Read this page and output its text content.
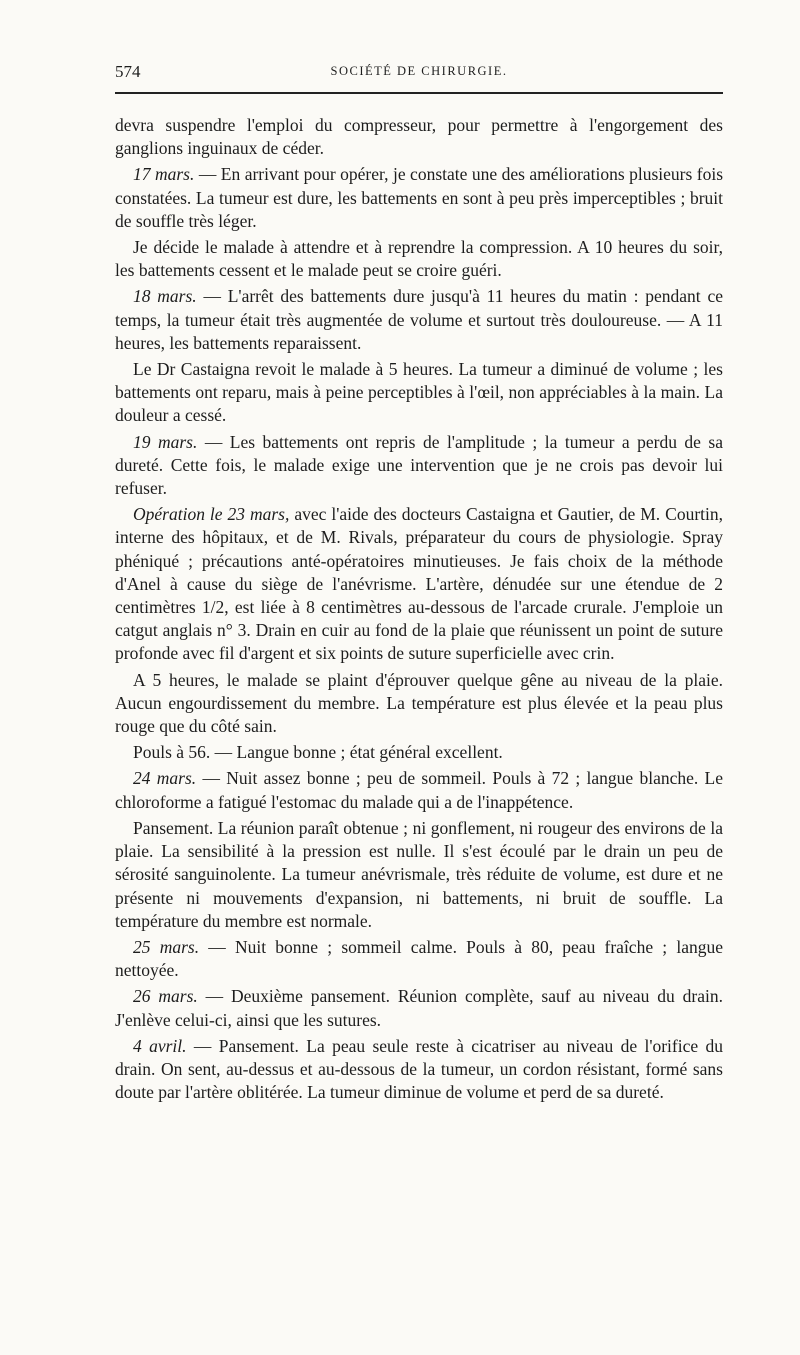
574	SOCIÉTÉ DE CHIRURGIE.

devra suspendre l'emploi du compresseur, pour permettre à l'engorgement des ganglions inguinaux de céder.

17 mars. — En arrivant pour opérer, je constate une des améliorations plusieurs fois constatées. La tumeur est dure, les battements en sont à peu près imperceptibles ; bruit de souffle très léger.

Je décide le malade à attendre et à reprendre la compression. A 10 heures du soir, les battements cessent et le malade peut se croire guéri.

18 mars. — L'arrêt des battements dure jusqu'à 11 heures du matin : pendant ce temps, la tumeur était très augmentée de volume et surtout très douloureuse. — A 11 heures, les battements reparaissent.

Le Dr Castaigna revoit le malade à 5 heures. La tumeur a diminué de volume ; les battements ont reparu, mais à peine perceptibles à l'œil, non appréciables à la main. La douleur a cessé.

19 mars. — Les battements ont repris de l'amplitude ; la tumeur a perdu de sa dureté. Cette fois, le malade exige une intervention que je ne crois pas devoir lui refuser.

Opération le 23 mars, avec l'aide des docteurs Castaigna et Gautier, de M. Courtin, interne des hôpitaux, et de M. Rivals, préparateur du cours de physiologie. Spray phéniqué ; précautions anté-opératoires minutieuses. Je fais choix de la méthode d'Anel à cause du siège de l'anévrisme. L'artère, dénudée sur une étendue de 2 centimètres 1/2, est liée à 8 centimètres au-dessous de l'arcade crurale. J'emploie un catgut anglais n° 3. Drain en cuir au fond de la plaie que réunissent un point de suture profonde avec fil d'argent et six points de suture superficielle avec crin.

A 5 heures, le malade se plaint d'éprouver quelque gêne au niveau de la plaie. Aucun engourdissement du membre. La température est plus élevée et la peau plus rouge que du côté sain.

Pouls à 56. — Langue bonne ; état général excellent.

24 mars. — Nuit assez bonne ; peu de sommeil. Pouls à 72 ; langue blanche. Le chloroforme a fatigué l'estomac du malade qui a de l'inappétence.

Pansement. La réunion paraît obtenue ; ni gonflement, ni rougeur des environs de la plaie. La sensibilité à la pression est nulle. Il s'est écoulé par le drain un peu de sérosité sanguinolente. La tumeur anévrismale, très réduite de volume, est dure et ne présente ni mouvements d'expansion, ni battements, ni bruit de souffle. La température du membre est normale.

25 mars. — Nuit bonne ; sommeil calme. Pouls à 80, peau fraîche ; langue nettoyée.

26 mars. — Deuxième pansement. Réunion complète, sauf au niveau du drain. J'enlève celui-ci, ainsi que les sutures.

4 avril. — Pansement. La peau seule reste à cicatriser au niveau de l'orifice du drain. On sent, au-dessus et au-dessous de la tumeur, un cordon résistant, formé sans doute par l'artère oblitérée. La tumeur diminue de volume et perd de sa dureté.
